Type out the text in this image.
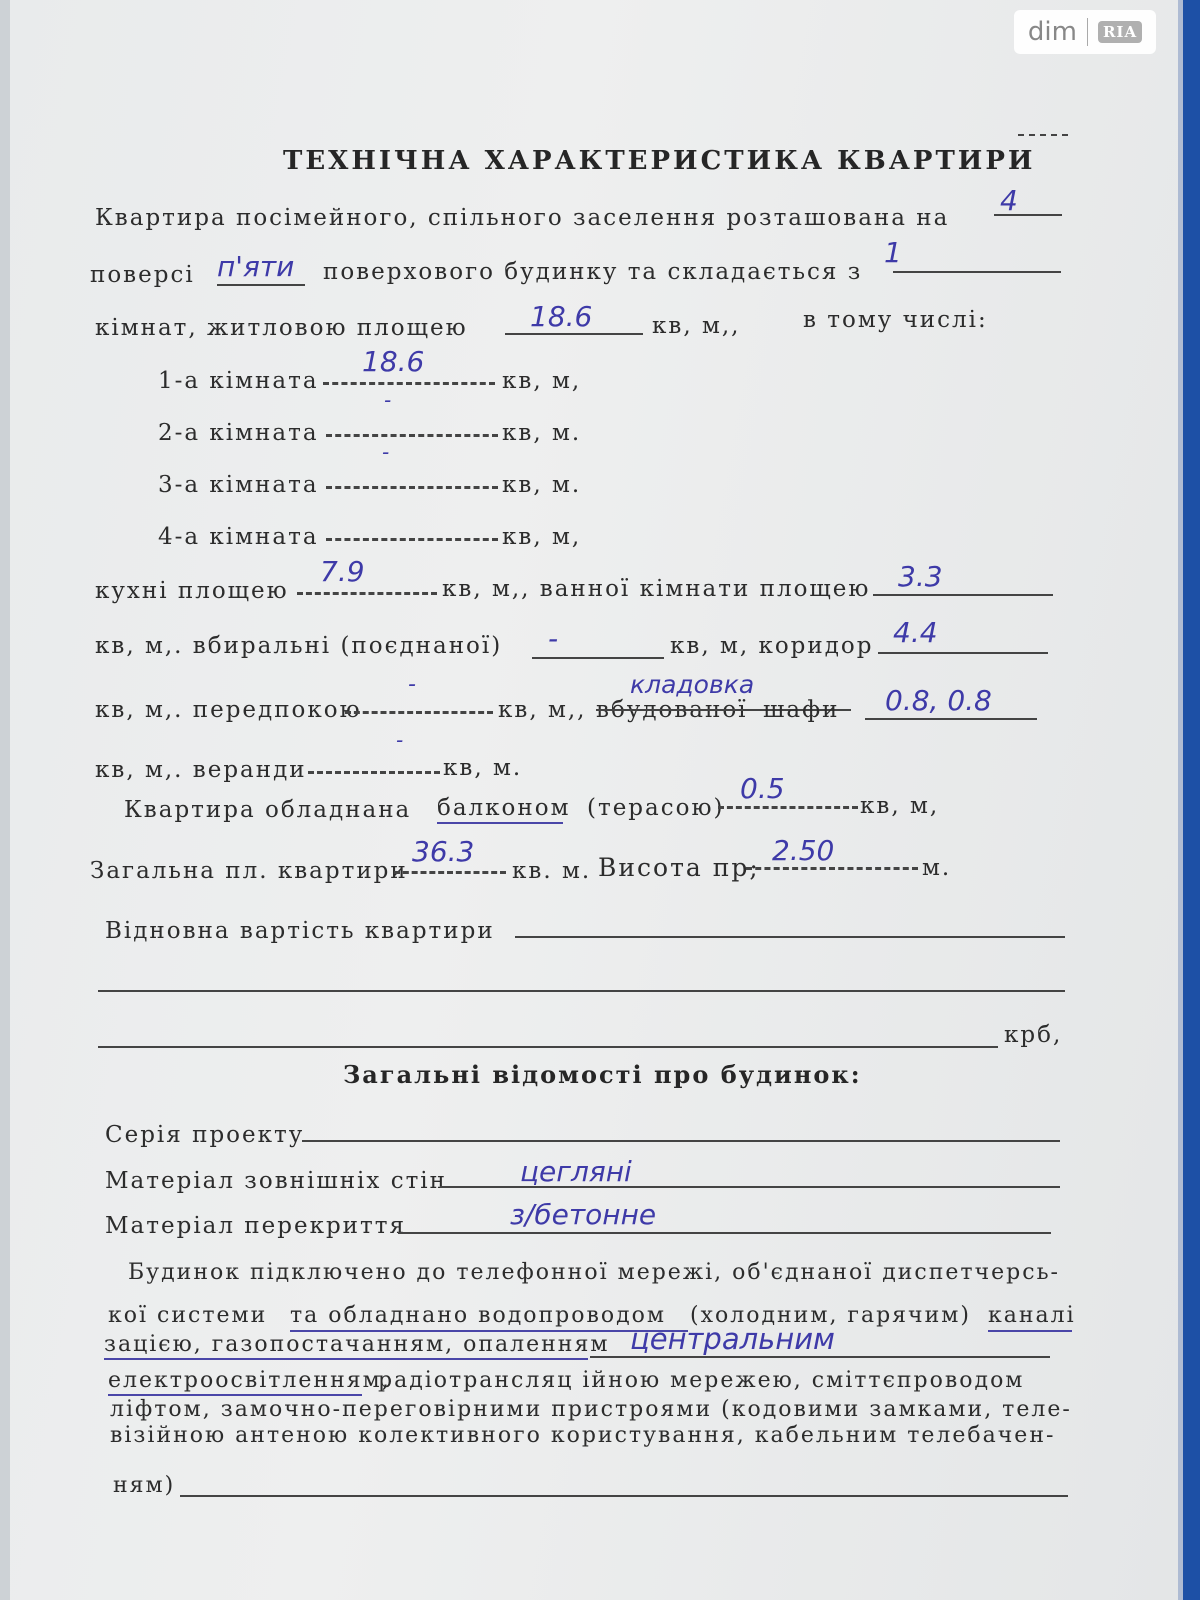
dim	RIA
ТЕХНІЧНА ХАРАКТЕРИСТИКА КВАРТИРИ
Квартира посімейного, спільного заселення розташована на
4
поверсі п'яти поверхового будинку та складається з
1
кімнат, житловою площею 18.6	кв, м,,	в тому числі:
1-а кімната
18.6
кв, м,
-
2-а кімната	кв, м.
-
3-а кімната	кв, м.
4-а кімната	кв, м,
кухні площею
7.9
кв, м,, ванної кімнати площею 3.3
кв, м,. вбиральні (поєднаної) -	кв, м, коридор 4.4
кв, м,. передпокою
-
кв, м,, вбудованої шафи
кладовка	0.8, 0.8
-
кв, м,. веранди	кв, м.
Квартира обладнана балконом (терасою)
0.5
кв, м,
Загальна пл. квартири
36.3
кв. м. Висота пр;
2.50
м.
Відновна вартість квартири
крб,
Загальні відомості про будинок:
Серія проекту
Матеріал зовнішніх стін	цегляні
Матеріал перекриття	з/бетонне
Будинок підключено до телефонної мережі, об'єднаної диспетчерсь-
кої системи та обладнано водопроводом (холодним, гарячим) каналі
зацією, газопостачанням, опаленням центральним
електроосвітленням,
радіотрансляц ійною мережею, сміттєпроводом
ліфтом, замочно-переговірними пристроями (кодовими замками, теле-
візійною антеною колективного користування, кабельним телебачен-
ням)
